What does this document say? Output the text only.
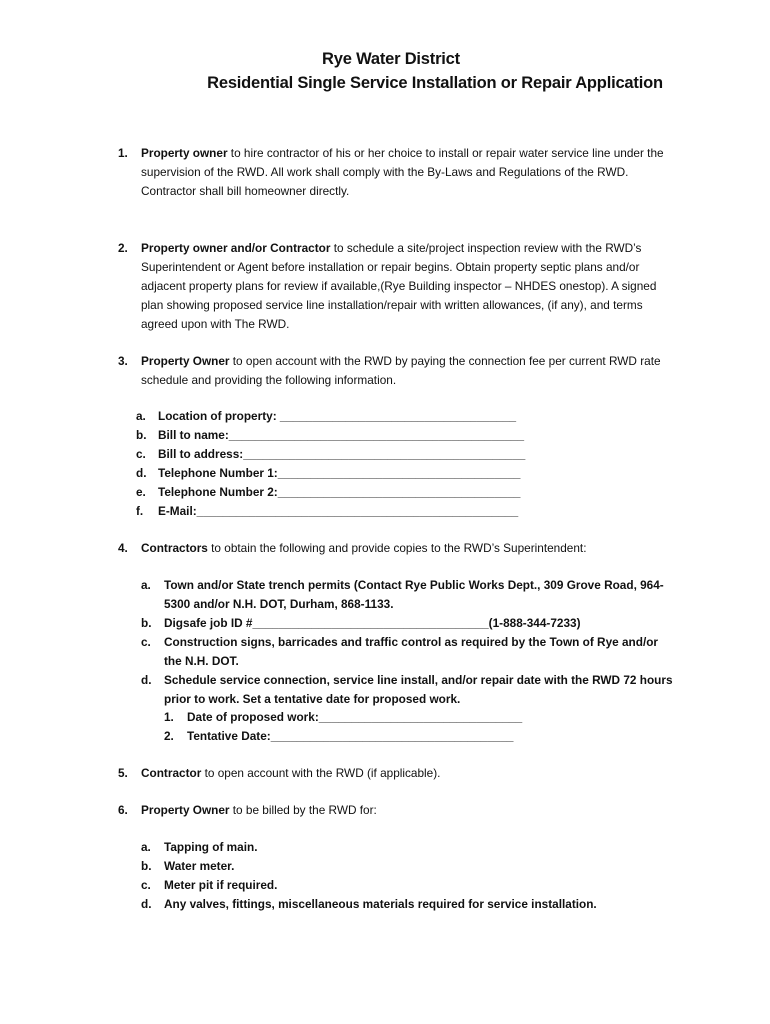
Rye Water District
Residential Single Service Installation or Repair Application
1. Property owner to hire contractor of his or her choice to install or repair water service line under the supervision of the RWD. All work shall comply with the By-Laws and Regulations of the RWD. Contractor shall bill homeowner directly.
2. Property owner and/or Contractor to schedule a site/project inspection review with the RWD’s Superintendent or Agent before installation or repair begins. Obtain property septic plans and/or adjacent property plans for review if available,(Rye Building inspector – NHDES onestop). A signed plan showing proposed service line installation/repair with written allowances, (if any), and terms agreed upon with The RWD.
3. Property Owner to open account with the RWD by paying the connection fee per current RWD rate schedule and providing the following information.
a. Location of property: ____________________________________
b. Bill to name:_____________________________________________
c. Bill to address:___________________________________________
d. Telephone Number 1:_____________________________________
e. Telephone Number 2:_____________________________________
f. E-Mail:_________________________________________________
4. Contractors to obtain the following and provide copies to the RWD’s Superintendent:
a. Town and/or State trench permits (Contact Rye Public Works Dept., 309 Grove Road, 964-5300 and/or N.H. DOT, Durham, 868-1133.
b. Digsafe job ID #____________________________________(1-888-344-7233)
c. Construction signs, barricades and traffic control as required by the Town of Rye and/or the N.H. DOT.
d. Schedule service connection, service line install, and/or repair date with the RWD 72 hours prior to work. Set a tentative date for proposed work.
1. Date of proposed work:_______________________________
2. Tentative Date:_____________________________________
5. Contractor to open account with the RWD (if applicable).
6. Property Owner to be billed by the RWD for:
a. Tapping of main.
b. Water meter.
c. Meter pit if required.
d. Any valves, fittings, miscellaneous materials required for service installation.
